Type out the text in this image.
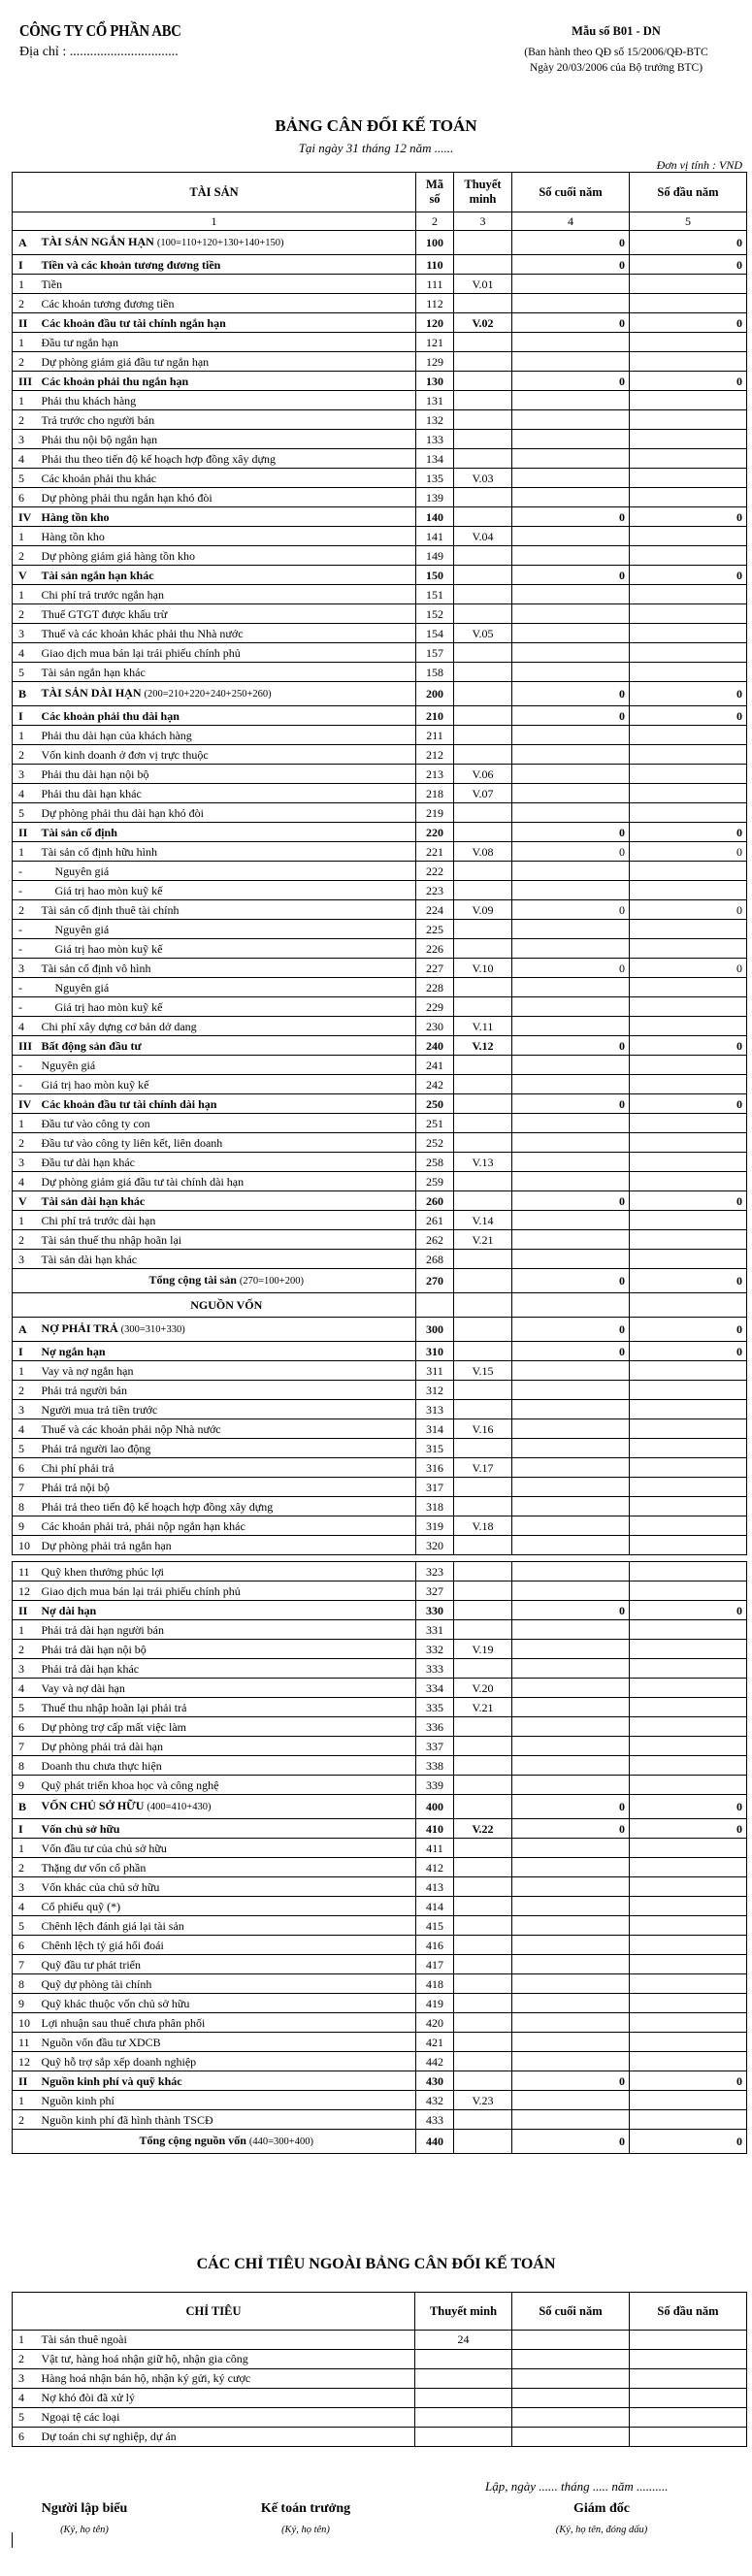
CÔNG TY CỔ PHẦN ABC

Địa chỉ : ................................
Mẫu số B01 - DN
(Ban hành theo QĐ số 15/2006/QĐ-BTC
Ngày 20/03/2006 của Bộ trưởng BTC)
BẢNG CÂN ĐỐI KẾ TOÁN
Tại ngày 31 tháng 12 năm ......
Đơn vị tính : VND
TÀI SẢN		Mã
số	Thuyết
minh	Số cuối năm	Số đầu năm
1		2	3	4	5
A	TÀI SẢN NGẮN HẠN (100=110+120+130+140+150)	100		0	0
I	Tiền và các khoản tương đương tiền	110		0	0
1	Tiền	111	V.01		
2	Các khoản tương đương tiền	112			
II	Các khoản đầu tư tài chính ngắn hạn	120	V.02	0	0
1	Đầu tư ngắn hạn	121			
2	Dự phòng giảm giá đầu tư ngắn hạn	129			
III	Các khoản phải thu ngắn hạn	130		0	0
1	Phải thu khách hàng	131			
2	Trả trước cho người bán	132			
3	Phải thu nội bộ ngắn hạn	133			
4	Phải thu theo tiến độ kế hoạch hợp đồng xây dựng	134			
5	Các khoản phải thu khác	135	V.03		
6	Dự phòng phải thu ngắn hạn khó đòi	139			
IV	Hàng tồn kho	140		0	0
1	Hàng tồn kho	141	V.04		
2	Dự phòng giảm giá hàng tồn kho	149			
V	Tài sản ngắn hạn khác	150		0	0
1	Chi phí trả trước ngắn hạn	151			
2	Thuế GTGT được khấu trừ	152			
3	Thuế và các khoản khác phải thu Nhà nước	154	V.05		
4	Giao dịch mua bán lại trái phiếu chính phủ	157			
5	Tài sản ngắn hạn khác	158			
B	TÀI SẢN DÀI HẠN (200=210+220+240+250+260)	200		0	0
I	Các khoản phải thu dài hạn	210		0	0
1	Phải thu dài hạn của khách hàng	211			
2	Vốn kinh doanh ở đơn vị trực thuộc	212			
3	Phải thu dài hạn nội bộ	213	V.06		
4	Phải thu dài hạn khác	218	V.07		
5	Dự phòng phải thu dài hạn khó đòi	219			
II	Tài sản cố định	220		0	0
1	Tài sản cố định hữu hình	221	V.08	0	0
-	Nguyên giá	222			
-	Giá trị hao mòn kuỹ kế	223			
2	Tài sản cố định thuê tài chính	224	V.09	0	0
-	Nguyên giá	225			
-	Giá trị hao mòn kuỹ kế	226			
3	Tài sản cố định vô hình	227	V.10	0	0
-	Nguyên giá	228			
-	Giá trị hao mòn kuỹ kế	229			
4	Chi phí xây dựng cơ bản dở dang	230	V.11		
III	Bất động sản đầu tư	240	V.12	0	0
-	Nguyên giá	241			
-	Giá trị hao mòn kuỹ kế	242			
IV	Các khoản đầu tư tài chính dài hạn	250		0	0
1	Đầu tư vào công ty con	251			
2	Đầu tư vào công ty liên kết, liên doanh	252			
3	Đầu tư dài hạn khác	258	V.13		
4	Dự phòng giảm giá đầu tư tài chính dài hạn	259			
V	Tài sản dài hạn khác	260		0	0
1	Chi phí trả trước dài hạn	261	V.14		
2	Tài sản thuế thu nhập hoãn lại	262	V.21		
3	Tài sản dài hạn khác	268			
	Tổng cộng tài sản (270=100+200)	270		0	0
	NGUỒN VỐN				
A	NỢ PHẢI TRẢ (300=310+330)	300		0	0
I	Nợ ngắn hạn	310		0	0
1	Vay và nợ ngắn hạn	311	V.15		
2	Phải trả người bán	312			
3	Người mua trả tiền trước	313			
4	Thuế và các khoản phải nộp Nhà nước	314	V.16		
5	Phải trả người lao động	315			
6	Chi phí phải trả	316	V.17		
7	Phải trả nội bộ	317			
8	Phải trả theo tiến độ kế hoạch hợp đồng xây dựng	318			
9	Các khoản phải trả, phải nộp ngắn hạn khác	319	V.18		
10	Dự phòng phải trả ngắn hạn	320			

11	Quỹ khen thưởng phúc lợi	323			
12	Giao dịch mua bán lại trái phiếu chính phủ	327			
II	Nợ dài hạn	330		0	0
1	Phải trả dài hạn người bán	331			
2	Phải trả dài hạn nội bộ	332	V.19		
3	Phải trả dài hạn khác	333			
4	Vay và nợ dài hạn	334	V.20		
5	Thuế thu nhập hoãn lại phải trả	335	V.21		
6	Dự phòng trợ cấp mất việc làm	336			
7	Dự phòng phải trả dài hạn	337			
8	Doanh thu chưa thực hiện	338			
9	Quỹ phát triển khoa học và công nghệ	339			
B	VỐN CHỦ SỞ HỮU (400=410+430)	400		0	0
I	Vốn chủ sở hữu	410	V.22	0	0
1	Vốn đầu tư của chủ sở hữu	411			
2	Thặng dư vốn cổ phần	412			
3	Vốn khác của chủ sở hữu	413			
4	Cổ phiếu quỹ (*)	414			
5	Chênh lệch đánh giá lại tài sản	415			
6	Chênh lệch tỷ giá hối đoái	416			
7	Quỹ đầu tư phát triển	417			
8	Quỹ dự phòng tài chính	418			
9	Quỹ khác thuộc vốn chủ sở hữu	419			
10	Lợi nhuận sau thuế chưa phân phối	420			
11	Nguồn vốn đầu tư XDCB	421			
12	Quỹ hỗ trợ sắp xếp doanh nghiệp	442			
II	Nguồn kinh phí và quỹ khác	430		0	0
1	Nguồn kinh phí	432	V.23		
2	Nguồn kinh phí đã hình thành TSCĐ	433			
	Tổng cộng nguồn vốn (440=300+400)	440		0	0
CÁC CHỈ TIÊU NGOÀI BẢNG CÂN ĐỐI KẾ TOÁN
CHỈ TIÊU		Thuyết minh	Số cuối năm	Số đầu năm
1	Tài sản thuê ngoài	24		
2	Vật tư, hàng hoá nhận giữ hộ, nhận gia công			
3	Hàng hoá nhận bán hộ, nhận ký gửi, ký cược			
4	Nợ khó đòi đã xử lý			
5	Ngoại tệ các loại			
6	Dự toán chi sự nghiệp, dự án			
Lập, ngày ...... tháng ..... năm ..........
Người lập biểu
(Ký, họ tên)
Kế toán trưởng
(Ký, họ tên)
Giám đốc
(Ký, họ tên, đóng dấu)
